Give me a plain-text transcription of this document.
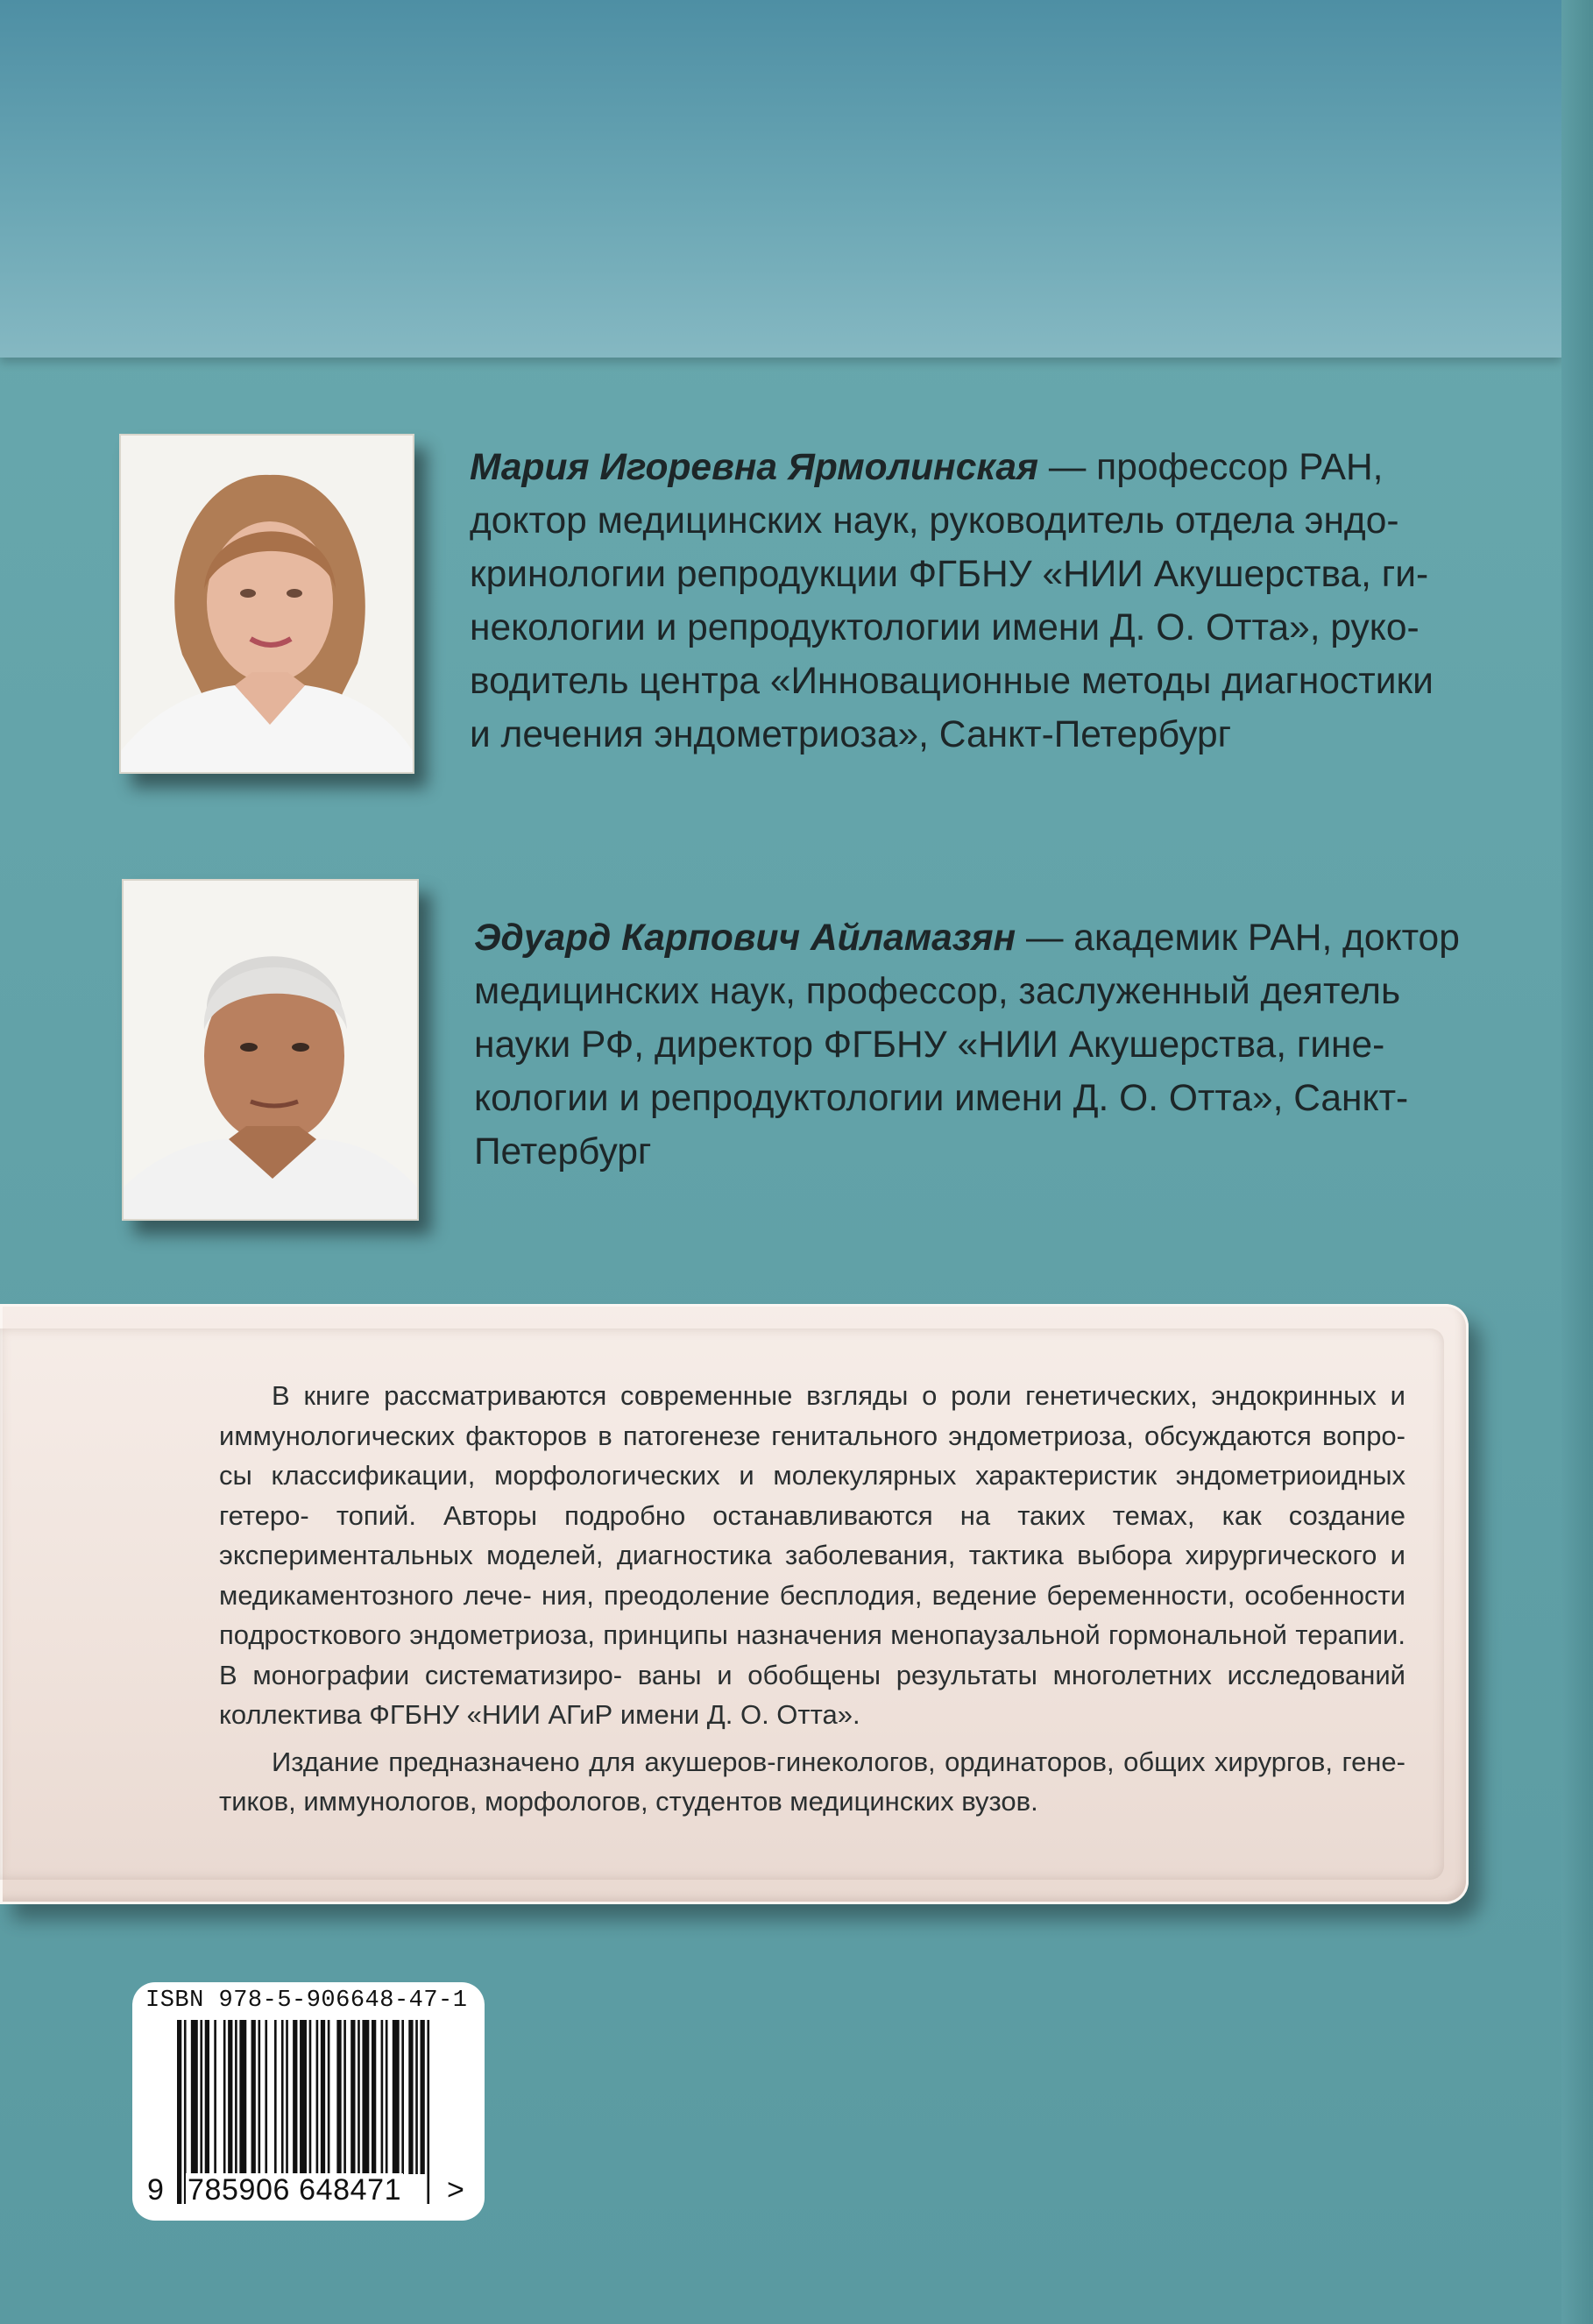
Мария Игоревна Ярмолинская — профессор РАН,
доктор медицинских наук, руководитель отдела эндо-
кринологии репродукции ФГБНУ «НИИ Акушерства, ги-
некологии и репродуктологии имени Д. О. Отта», руко-
водитель центра «Инновационные методы диагностики
и лечения эндометриоза», Санкт-Петербург
Эдуард Карпович Айламазян — академик РАН, доктор
медицинских наук, профессор, заслуженный деятель
науки РФ, директор ФГБНУ «НИИ Акушерства, гине-
кологии и репродуктологии имени Д. О. Отта», Санкт-
Петербург

В книге рассматриваются современные взгляды о роли генетических, эндокринных и иммунологических факторов в патогенезе генитального эндометриоза, обсуждаются вопро- сы классификации, морфологических и молекулярных характеристик эндометриоидных гетеро- топий. Авторы подробно останавливаются на таких темах, как создание экспериментальных моделей, диагностика заболевания, тактика выбора хирургического и медикаментозного лече- ния, преодоление бесплодия, ведение беременности, особенности подросткового эндометриоза, принципы назначения менопаузальной гормональной терапии. В монографии систематизиро- ваны и обобщены результаты многолетних исследований коллектива ФГБНУ «НИИ АГиР имени Д. О. Отта».

Издание предназначено для акушеров-гинекологов, ординаторов, общих хирургов, гене- тиков, иммунологов, морфологов, студентов медицинских вузов.

ISBN 978-5-906648-47-1
9 785906 648471 >
